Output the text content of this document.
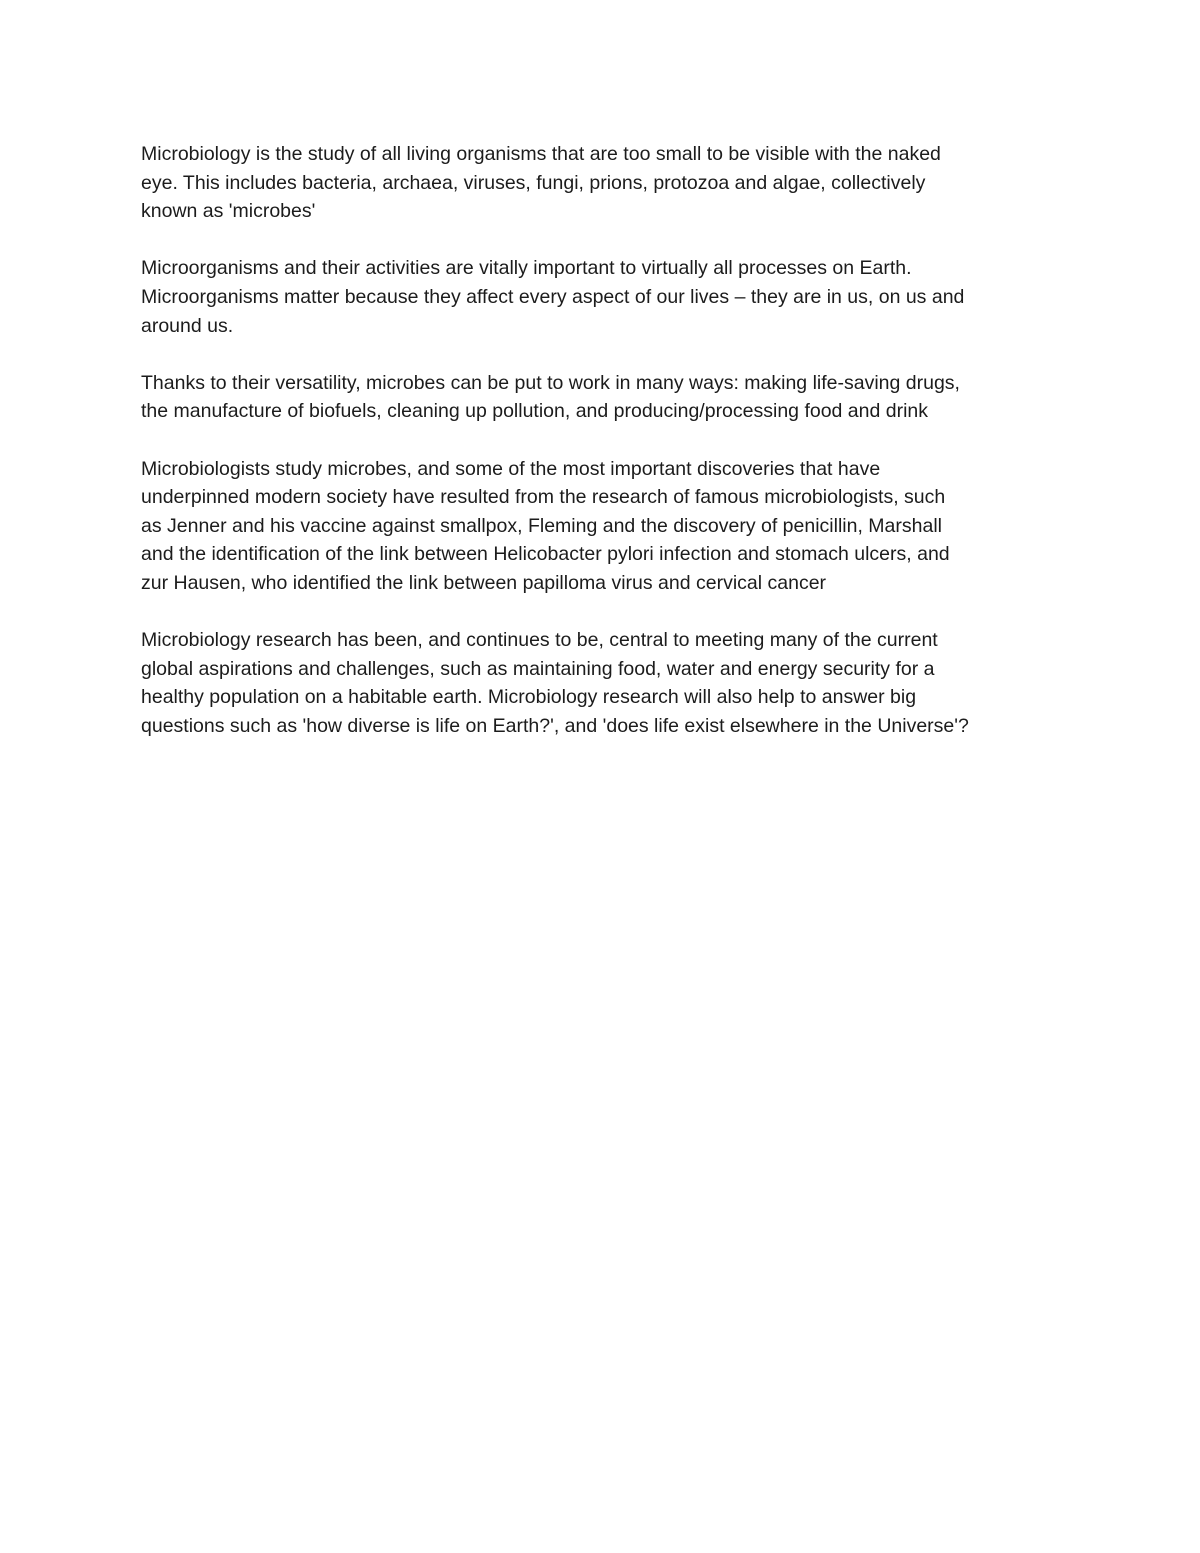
Microbiology is the study of all living organisms that are too small to be visible with the naked
eye. This includes bacteria, archaea, viruses, fungi, prions, protozoa and algae, collectively
known as 'microbes'

Microorganisms and their activities are vitally important to virtually all processes on Earth.
Microorganisms matter because they affect every aspect of our lives – they are in us, on us and
around us.

Thanks to their versatility, microbes can be put to work in many ways: making life-saving drugs,
the manufacture of biofuels, cleaning up pollution, and producing/processing food and drink

Microbiologists study microbes, and some of the most important discoveries that have
underpinned modern society have resulted from the research of famous microbiologists, such
as Jenner and his vaccine against smallpox, Fleming and the discovery of penicillin, Marshall
and the identification of the link between Helicobacter pylori infection and stomach ulcers, and
zur Hausen, who identified the link between papilloma virus and cervical cancer

Microbiology research has been, and continues to be, central to meeting many of the current
global aspirations and challenges, such as maintaining food, water and energy security for a
healthy population on a habitable earth. Microbiology research will also help to answer big
questions such as 'how diverse is life on Earth?', and 'does life exist elsewhere in the Universe'?
